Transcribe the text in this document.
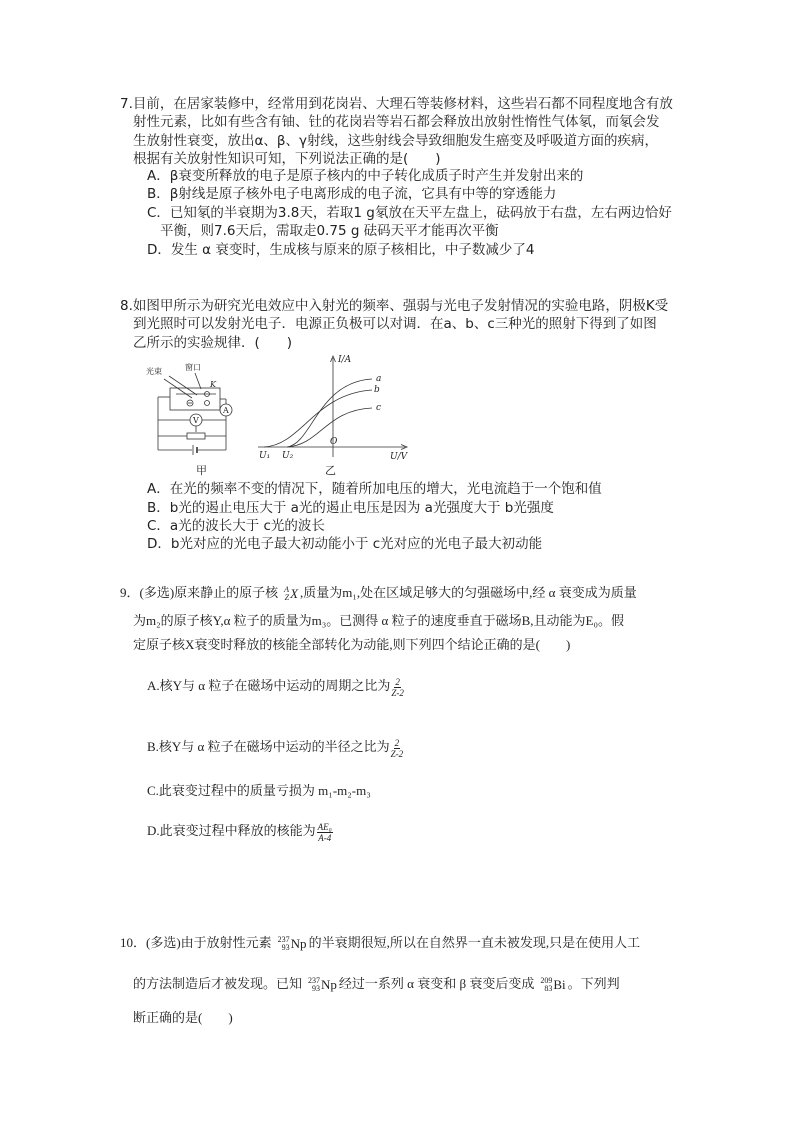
7.目前，在居家装修中，经常用到花岗岩、大理石等装修材料，这些岩石都不同程度地含有放
射性元素，比如有些含有铀、钍的花岗岩等岩石都会释放出放射性惰性气体氡，而氡会发
生放射性衰变，放出α、β、γ射线，这些射线会导致细胞发生癌变及呼吸道方面的疾病，
根据有关放射性知识可知，下列说法正确的是(　　)
A．β衰变所释放的电子是原子核内的中子转化成质子时产生并发射出来的
B．β射线是原子核外电子电离形成的电子流，它具有中等的穿透能力
C．已知氡的半衰期为3.8天，若取1 g氡放在天平左盘上，砝码放于右盘，左右两边恰好
平衡，则7.6天后，需取走0.75 g 砝码天平才能再次平衡
D．发生 α 衰变时，生成核与原来的原子核相比，中子数减少了4
8.如图甲所示为研究光电效应中入射光的频率、强弱与光电子发射情况的实验电路，阴极K受
到光照时可以发射光电子．电源正负极可以对调．在a、b、c三种光的照射下得到了如图
乙所示的实验规律．(　　)
光束	窗口
K
A
V
甲
I/A
U/V
O
U₁ U₂
a
b
c
乙
A．在光的频率不变的情况下，随着所加电压的增大，光电流趋于一个饱和值
B．b光的遏止电压大于 a光的遏止电压是因为 a光强度大于 b光强度
C．a光的波长大于 c光的波长
D．b光对应的光电子最大初动能小于 c光对应的光电子最大初动能
9．(多选)原来静止的原子核 A
Z X ,质量为m₁,处在区域足够大的匀强磁场中,经 α 衰变成为质量
为m₂的原子核Y,α 粒子的质量为m₃。已测得 α 粒子的速度垂直于磁场B,且动能为E₀。假
定原子核X衰变时释放的核能全部转化为动能,则下列四个结论正确的是(　　)
A.核Y与 α 粒子在磁场中运动的周期之比为 $\frac{2}{Z-2}$
B.核Y与 α 粒子在磁场中运动的半径之比为 $\frac{2}{Z-2}$
C.此衰变过程中的质量亏损为 m₁-m₂-m₃
D.此衰变过程中释放的核能为 $\frac{\text{AE₀}}{A-4}$
10．(多选)由于放射性元素 237
93 Np 的半衰期很短,所以在自然界一直未被发现,只是在使用人工
的方法制造后才被发现。已知 237
93 Np 经过一系列 α 衰变和 β 衰变后变成 209
83 Bi 。下列判
断正确的是(　　)
